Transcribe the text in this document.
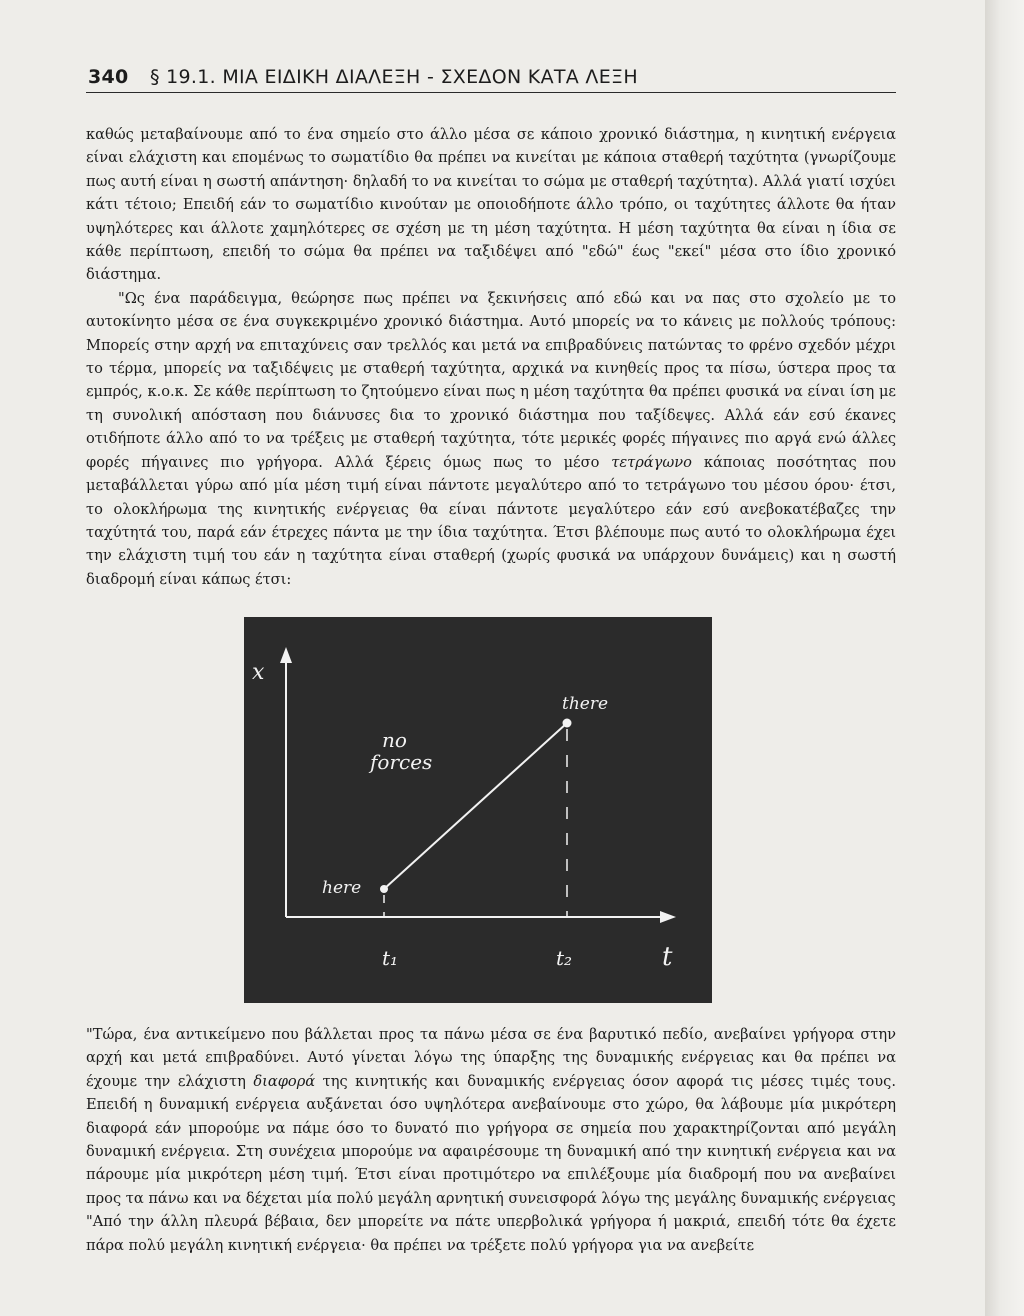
340 § 19.1. ΜΙΑ ΕΙΔΙΚΗ ΔΙΑΛΕΞΗ - ΣΧΕΔΟΝ ΚΑΤΑ ΛΕΞΗ

καθώς μεταβαίνουμε από το ένα σημείο στο άλλο μέσα σε κάποιο χρονικό διάστημα, η κινητική ενέργεια είναι ελάχιστη και επομένως το σωματίδιο θα πρέπει να κινείται με κάποια σταθερή ταχύτητα (γνωρίζουμε πως αυτή είναι η σωστή απάντηση· δηλαδή το να κινείται το σώμα με σταθερή ταχύτητα). Αλλά γιατί ισχύει κάτι τέτοιο; Επειδή εάν το σωματίδιο κινούταν με οποιοδήποτε άλλο τρόπο, οι ταχύτητες άλλοτε θα ήταν υψηλότερες και άλλοτε χαμηλότερες σε σχέση με τη μέση ταχύτητα. Η μέση ταχύτητα θα είναι η ίδια σε κάθε περίπτωση, επειδή το σώμα θα πρέπει να ταξιδέψει από "εδώ" έως "εκεί" μέσα στο ίδιο χρονικό διάστημα.

"Ως ένα παράδειγμα, θεώρησε πως πρέπει να ξεκινήσεις από εδώ και να πας στο σχολείο με το αυτοκίνητο μέσα σε ένα συγκεκριμένο χρονικό διάστημα. Αυτό μπορείς να το κάνεις με πολλούς τρόπους: Μπορείς στην αρχή να επιταχύνεις σαν τρελλός και μετά να επιβραδύνεις πατώντας το φρένο σχεδόν μέχρι το τέρμα, μπορείς να ταξιδέψεις με σταθερή ταχύτητα, αρχικά να κινηθείς προς τα πίσω, ύστερα προς τα εμπρός, κ.ο.κ. Σε κάθε περίπτωση το ζητούμενο είναι πως η μέση ταχύτητα θα πρέπει φυσικά να είναι ίση με τη συνολική απόσταση που διάνυσες δια το χρονικό διάστημα που ταξίδεψες. Αλλά εάν εσύ έκανες οτιδήποτε άλλο από το να τρέξεις με σταθερή ταχύτητα, τότε μερικές φορές πήγαινες πιο αργά ενώ άλλες φορές πήγαινες πιο γρήγορα. Αλλά ξέρεις όμως πως το μέσο τετράγωνο κάποιας ποσότητας που μεταβάλλεται γύρω από μία μέση τιμή είναι πάντοτε μεγαλύτερο από το τετράγωνο του μέσου όρου· έτσι, το ολοκλήρωμα της κινητικής ενέργειας θα είναι πάντοτε μεγαλύτερο εάν εσύ ανεβοκατέβαζες την ταχύτητά του, παρά εάν έτρεχες πάντα με την ίδια ταχύτητα. Έτσι βλέπουμε πως αυτό το ολοκλήρωμα έχει την ελάχιστη τιμή του εάν η ταχύτητα είναι σταθερή (χωρίς φυσικά να υπάρχουν δυνάμεις) και η σωστή διαδρομή είναι κάπως έτσι:

x
t
no
forces
here
there
t₁	t₂

"Τώρα, ένα αντικείμενο που βάλλεται προς τα πάνω μέσα σε ένα βαρυτικό πεδίο, ανεβαίνει γρήγορα στην αρχή και μετά επιβραδύνει. Αυτό γίνεται λόγω της ύπαρξης της δυναμικής ενέργειας και θα πρέπει να έχουμε την ελάχιστη διαφορά της κινητικής και δυναμικής ενέργειας όσον αφορά τις μέσες τιμές τους. Επειδή η δυναμική ενέργεια αυξάνεται όσο υψηλότερα ανεβαίνουμε στο χώρο, θα λάβουμε μία μικρότερη διαφορά εάν μπορούμε να πάμε όσο το δυνατό πιο γρήγορα σε σημεία που χαρακτηρίζονται από μεγάλη δυναμική ενέργεια. Στη συνέχεια μπορούμε να αφαιρέσουμε τη δυναμική από την κινητική ενέργεια και να πάρουμε μία μικρότερη μέση τιμή. Έτσι είναι προτιμότερο να επιλέξουμε μία διαδρομή που να ανεβαίνει προς τα πάνω και να δέχεται μία πολύ μεγάλη αρνητική συνεισφορά λόγω της μεγάλης δυναμικής ενέργειας

"Από την άλλη πλευρά βέβαια, δεν μπορείτε να πάτε υπερβολικά γρήγορα ή μακριά, επειδή τότε θα έχετε πάρα πολύ μεγάλη κινητική ενέργεια· θα πρέπει να τρέξετε πολύ γρήγορα για να ανεβείτε
